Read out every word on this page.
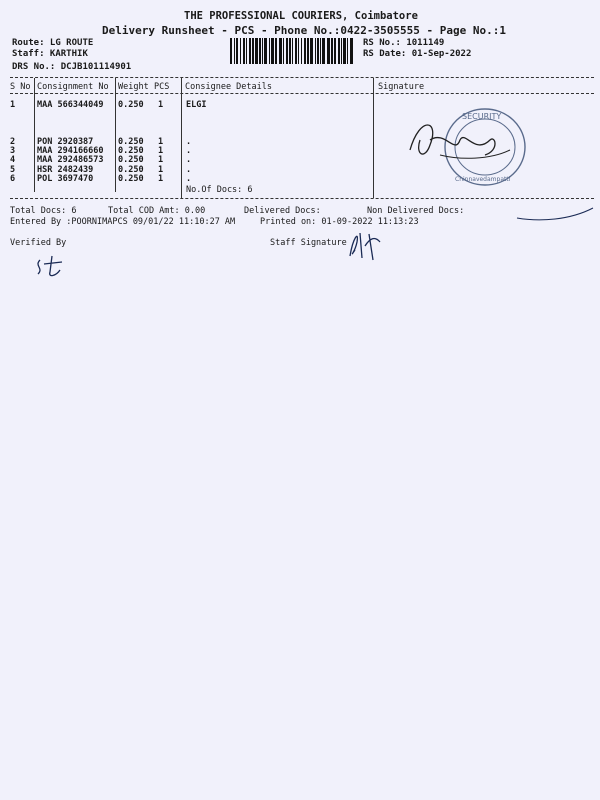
THE PROFESSIONAL COURIERS, Coimbatore
Delivery Runsheet - PCS - Phone No.:0422-3505555 - Page No.:1
Route: LG ROUTE
Staff: KARTHIK
DRS No.: DCJB101114901
RS No.: 1011149
RS Date: 01-Sep-2022
S No Consignment No Weight PCS Consignee Details	Signature
1	MAA 566344049 0.250 1	ELGI
2	PON 2920387	0.250 1	.
3	MAA 294166660 0.250 1	.
4	MAA 292486573 0.250 1	.
5	HSR 2482439	0.250 1	.
6	POL 3697470	0.250 1	.
No.Of Docs: 6
SECURITY
Chinnavedampatti
Total Docs: 6	Total COD Amt: 0.00	Delivered Docs:	Non Delivered Docs:
Entered By :POORNIMAPCS 09/01/22 11:10:27 AM	Printed on: 01-09-2022 11:13:23
Verified By	Staff Signature
